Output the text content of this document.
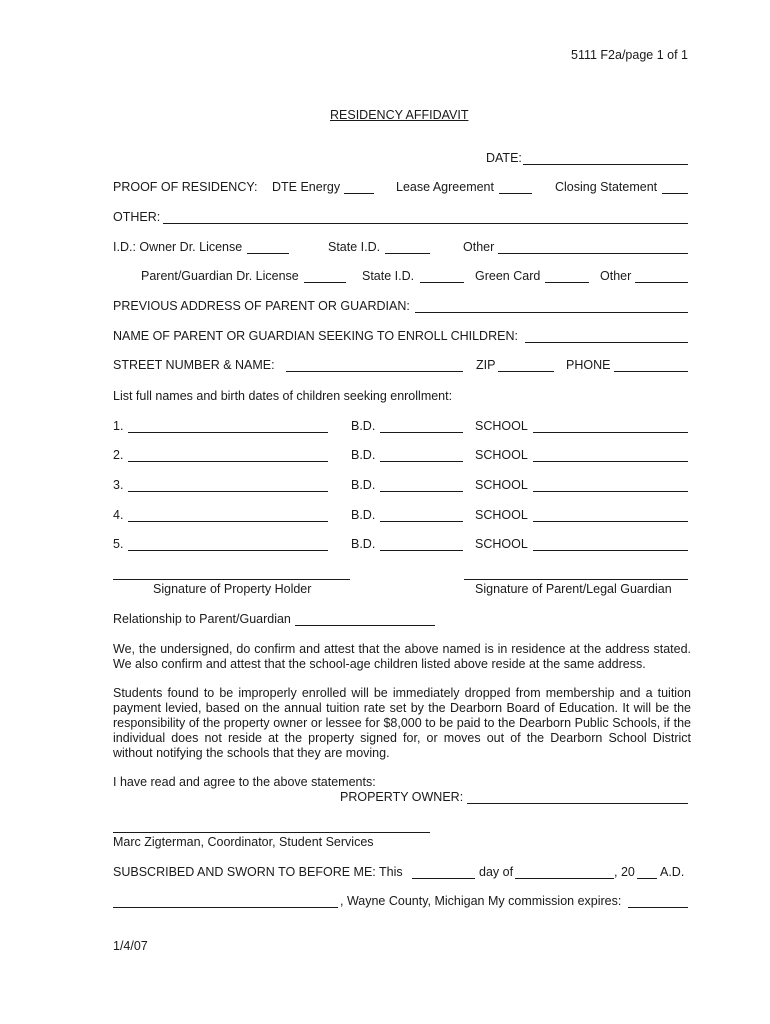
5111 F2a/page 1 of 1
RESIDENCY AFFIDAVIT
DATE:
PROOF OF RESIDENCY: DTE Energy	Lease Agreement	Closing Statement
OTHER:
I.D.: Owner Dr. License	State I.D.	Other
Parent/Guardian Dr. License	State I.D.	Green Card	Other
PREVIOUS ADDRESS OF PARENT OR GUARDIAN:
NAME OF PARENT OR GUARDIAN SEEKING TO ENROLL CHILDREN:
STREET NUMBER & NAME:	ZIP	PHONE
List full names and birth dates of children seeking enrollment:
1.	B.D.	SCHOOL
2.	B.D.	SCHOOL
3.	B.D.	SCHOOL
4.	B.D.	SCHOOL
5.	B.D.	SCHOOL
Signature of Property Holder	Signature of Parent/Legal Guardian
Relationship to Parent/Guardian
We, the undersigned, do confirm and attest that the above named is in residence at the address stated. We also confirm and attest that the school-age children listed above reside at the same address.
Students found to be improperly enrolled will be immediately dropped from membership and a tuition payment levied, based on the annual tuition rate set by the Dearborn Board of Education. It will be the responsibility of the property owner or lessee for $8,000 to be paid to the Dearborn Public Schools, if the individual does not reside at the property signed for, or moves out of the Dearborn School District without notifying the schools that they are moving.
I have read and agree to the above statements:
PROPERTY OWNER:
Marc Zigterman, Coordinator, Student Services
SUBSCRIBED AND SWORN TO BEFORE ME: This	day of	, 20 A.D.
, Wayne County, Michigan My commission expires:
1/4/07
